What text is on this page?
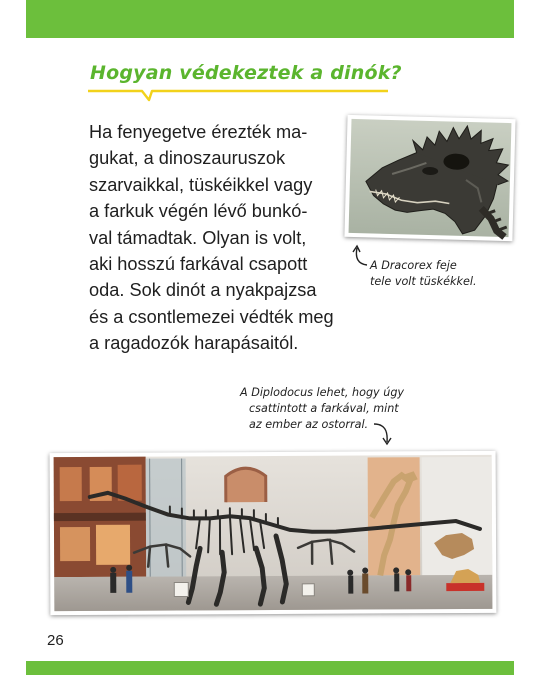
Hogyan védekeztek a dinók?
Ha fenyegetve érezték ma-
gukat, a dinoszauruszok
szarvaikkal, tüskéikkel vagy
a farkuk végén lévő bunkó-
val támadtak. Olyan is volt,
aki hosszú farkával csapott
oda. Sok dinót a nyakpajzsa
és a csontlemezei védték meg
a ragadozók harapásaitól.
A Dracorex feje
tele volt tüskékkel.
A Diplodocus lehet, hogy úgy
csattintott a farkával, mint
az ember az ostorral.
26
